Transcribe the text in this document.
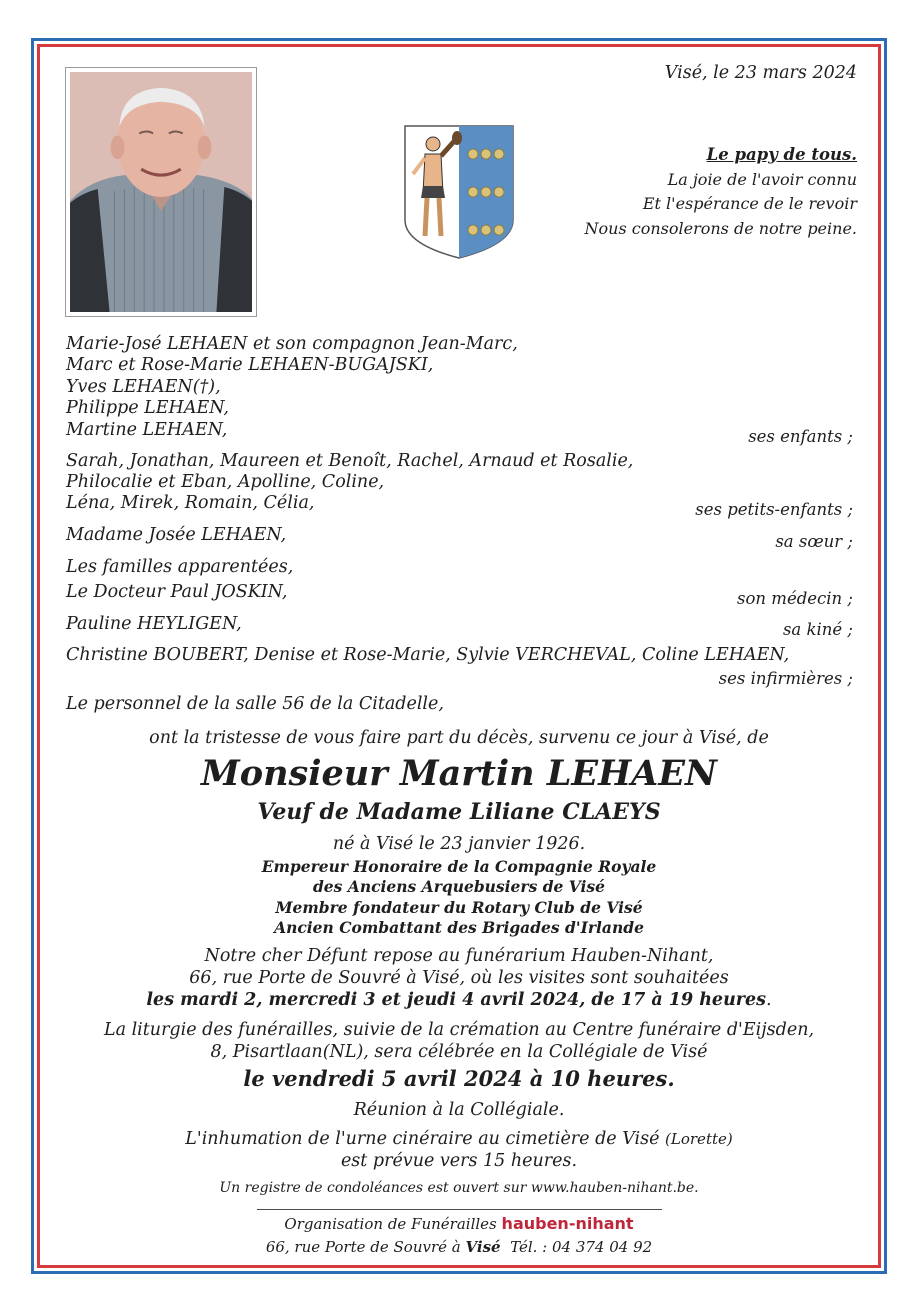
Visé, le 23 mars 2024
Le papy de tous.
La joie de l'avoir connu
Et l'espérance de le revoir
Nous consolerons de notre peine.
Marie-José LEHAEN et son compagnon Jean-Marc,
Marc et Rose-Marie LEHAEN-BUGAJSKI,
Yves LEHAEN(†),
Philippe LEHAEN,
Martine LEHAEN,	ses enfants ;
Sarah, Jonathan, Maureen et Benoît, Rachel, Arnaud et Rosalie,
Philocalie et Eban, Apolline, Coline,
Léna, Mirek, Romain, Célia,	ses petits-enfants ;
Madame Josée LEHAEN,	sa sœur ;
Les familles apparentées,
Le Docteur Paul JOSKIN,	son médecin ;
Pauline HEYLIGEN,	sa kiné ;
Christine BOUBERT, Denise et Rose-Marie, Sylvie VERCHEVAL, Coline LEHAEN,
ses infirmières ;
Le personnel de la salle 56 de la Citadelle,
ont la tristesse de vous faire part du décès, survenu ce jour à Visé, de
Monsieur Martin LEHAEN
Veuf de Madame Liliane CLAEYS
né à Visé le 23 janvier 1926.
Empereur Honoraire de la Compagnie Royale
des Anciens Arquebusiers de Visé
Membre fondateur du Rotary Club de Visé
Ancien Combattant des Brigades d'Irlande
Notre cher Défunt repose au funérarium Hauben-Nihant,
66, rue Porte de Souvré à Visé, où les visites sont souhaitées
les mardi 2, mercredi 3 et jeudi 4 avril 2024, de 17 à 19 heures.
La liturgie des funérailles, suivie de la crémation au Centre funéraire d'Eijsden,
8, Pisartlaan(NL), sera célébrée en la Collégiale de Visé
le vendredi 5 avril 2024 à 10 heures.
Réunion à la Collégiale.
L'inhumation de l'urne cinéraire au cimetière de Visé (Lorette)
est prévue vers 15 heures.
Un registre de condoléances est ouvert sur www.hauben-nihant.be.
Organisation de Funérailles hauben-nihant
66, rue Porte de Souvré à Visé Tél. : 04 374 04 92
